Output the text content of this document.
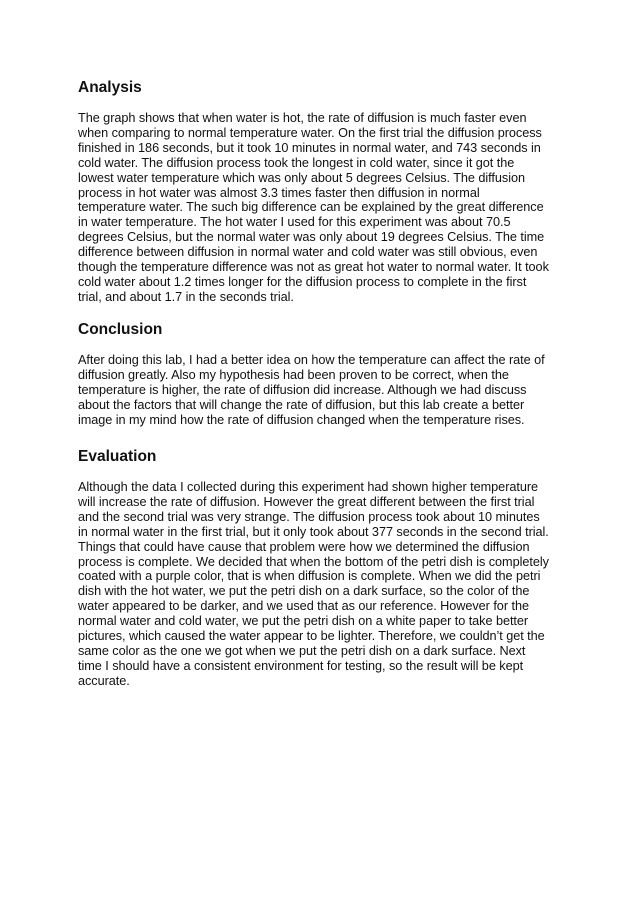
Analysis
The graph shows that when water is hot, the rate of diffusion is much faster even
when comparing to normal temperature water. On the first trial the diffusion process
finished in 186 seconds, but it took 10 minutes in normal water, and 743 seconds in
cold water. The diffusion process took the longest in cold water, since it got the
lowest water temperature which was only about 5 degrees Celsius. The diffusion
process in hot water was almost 3.3 times faster then diffusion in normal
temperature water. The such big difference can be explained by the great difference
in water temperature. The hot water I used for this experiment was about 70.5
degrees Celsius, but the normal water was only about 19 degrees Celsius. The time
difference between diffusion in normal water and cold water was still obvious, even
though the temperature difference was not as great hot water to normal water. It took
cold water about 1.2 times longer for the diffusion process to complete in the first
trial, and about 1.7 in the seconds trial.
Conclusion
After doing this lab, I had a better idea on how the temperature can affect the rate of
diffusion greatly. Also my hypothesis had been proven to be correct, when the
temperature is higher, the rate of diffusion did increase. Although we had discuss
about the factors that will change the rate of diffusion, but this lab create a better
image in my mind how the rate of diffusion changed when the temperature rises.
Evaluation
Although the data I collected during this experiment had shown higher temperature
will increase the rate of diffusion. However the great different between the first trial
and the second trial was very strange. The diffusion process took about 10 minutes
in normal water in the first trial, but it only took about 377 seconds in the second trial.
Things that could have cause that problem were how we determined the diffusion
process is complete. We decided that when the bottom of the petri dish is completely
coated with a purple color, that is when diffusion is complete. When we did the petri
dish with the hot water, we put the petri dish on a dark surface, so the color of the
water appeared to be darker, and we used that as our reference. However for the
normal water and cold water, we put the petri dish on a white paper to take better
pictures, which caused the water appear to be lighter. Therefore, we couldn’t get the
same color as the one we got when we put the petri dish on a dark surface. Next
time I should have a consistent environment for testing, so the result will be kept
accurate.
